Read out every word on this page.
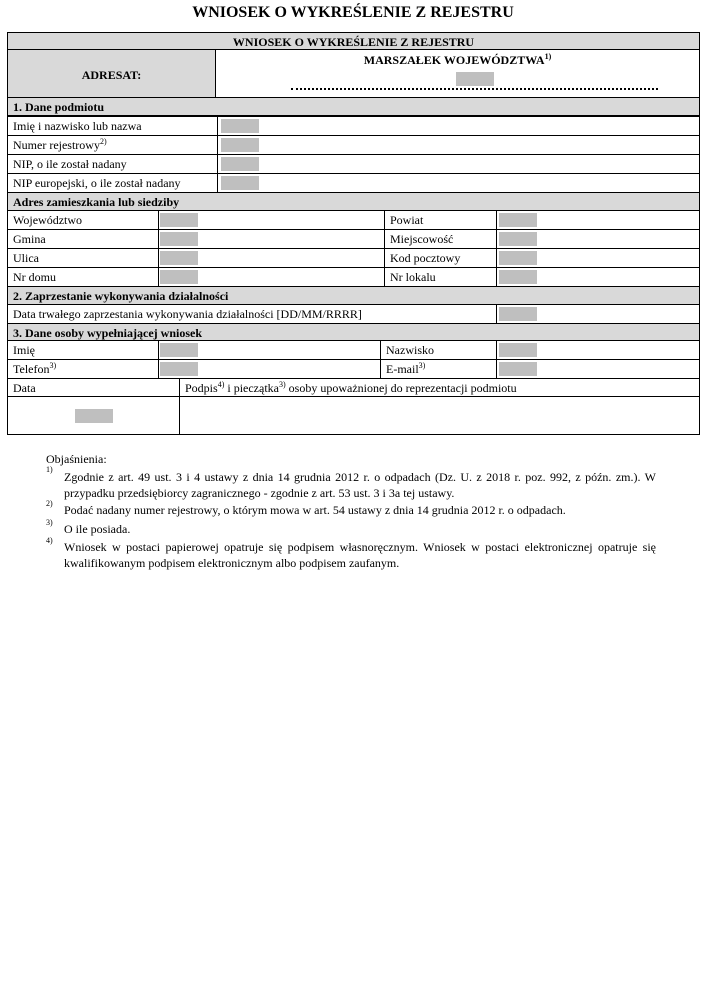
WNIOSEK O WYKREŚLENIE Z REJESTRU
WNIOSEK O WYKREŚLENIE Z REJESTRU
ADRESAT:
MARSZAŁEK WOJEWÓDZTWA$^{1)}$
1. Dane podmiotu
Imię i nazwisko lub nazwa
Numer rejestrowy$^{2)}$
NIP, o ile został nadany
NIP europejski, o ile został nadany
Adres zamieszkania lub siedziby
Województwo	Powiat
Gmina	Miejscowość
Ulica	Kod pocztowy
Nr domu	Nr lokalu
2. Zaprzestanie wykonywania działalności
Data trwałego zaprzestania wykonywania działalności [DD/MM/RRRR]
3. Dane osoby wypełniającej wniosek
Imię	Nazwisko
Telefon$^{3)}$	E-mail$^{3)}$
Data	Podpis$^{4)}$ i pieczątka$^{3)}$ osoby upoważnionej do reprezentacji podmiotu
Objaśnienia:
1)
Zgodnie z art. 49 ust. 3 i 4 ustawy z dnia 14 grudnia 2012 r. o odpadach (Dz. U. z 2018 r. poz. 992, z późn. zm.). W przypadku przedsiębiorcy zagranicznego - zgodnie z art. 53 ust. 3 i 3a tej ustawy.
2) Podać nadany numer rejestrowy, o którym mowa w art. 54 ustawy z dnia 14 grudnia 2012 r. o odpadach.
3) O ile posiada.
4) Wniosek w postaci papierowej opatruje się podpisem własnoręcznym. Wniosek w postaci elektronicznej opatruje się kwalifikowanym podpisem elektronicznym albo podpisem zaufanym.
